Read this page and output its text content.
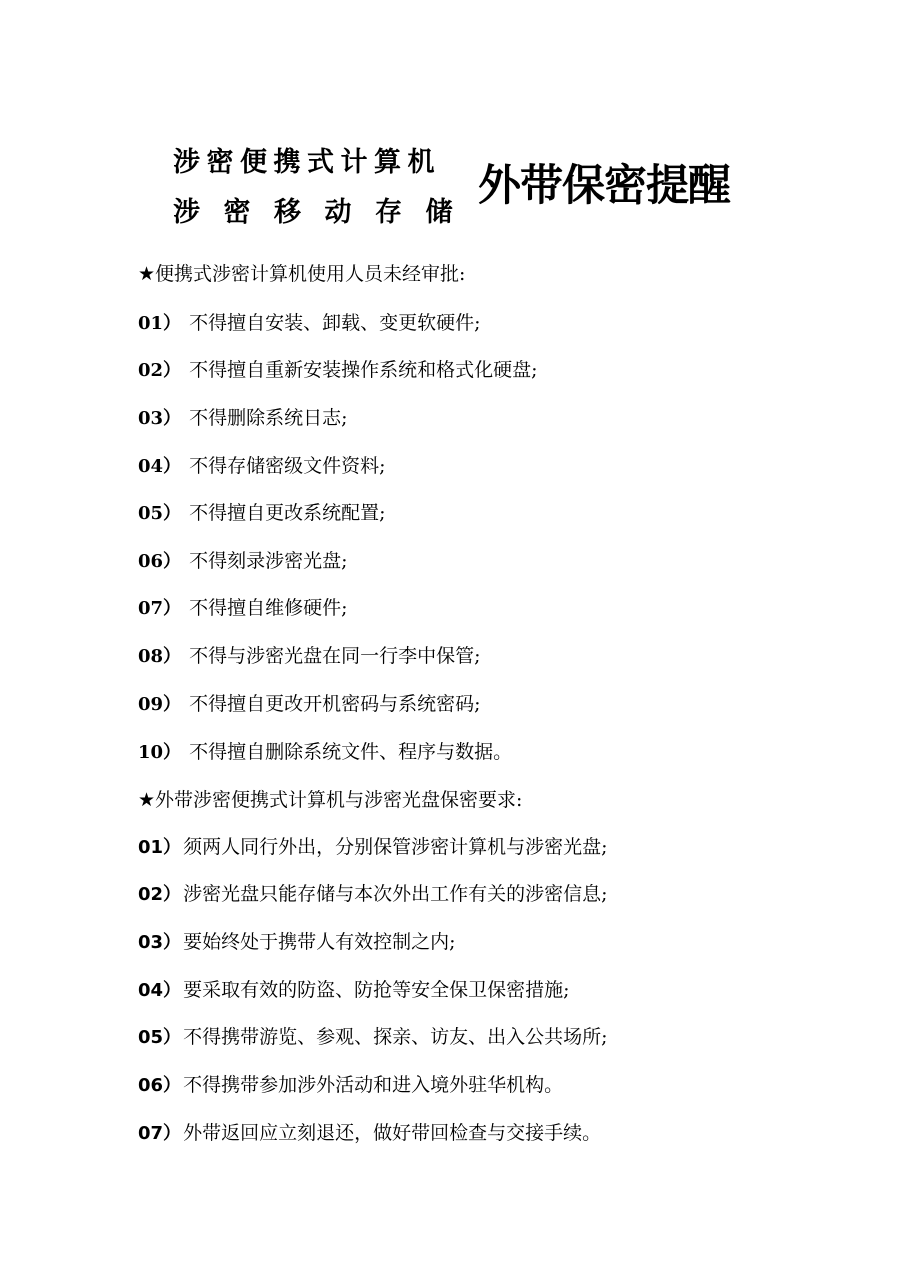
涉密便携式计算机
涉密移动存储
外带保密提醒
★便携式涉密计算机使用人员未经审批:
01） 不得擅自安装、卸载、变更软硬件;
02） 不得擅自重新安装操作系统和格式化硬盘;
03） 不得删除系统日志;
04） 不得存储密级文件资料;
05） 不得擅自更改系统配置;
06） 不得刻录涉密光盘;
07） 不得擅自维修硬件;
08） 不得与涉密光盘在同一行李中保管;
09） 不得擅自更改开机密码与系统密码;
10） 不得擅自删除系统文件、程序与数据。
★外带涉密便携式计算机与涉密光盘保密要求:
01） 须两人同行外出，分别保管涉密计算机与涉密光盘;
02） 涉密光盘只能存储与本次外出工作有关的涉密信息;
03） 要始终处于携带人有效控制之内;
04） 要采取有效的防盗、防抢等安全保卫保密措施;
05） 不得携带游览、参观、探亲、访友、出入公共场所;
06） 不得携带参加涉外活动和进入境外驻华机构。
07） 外带返回应立刻退还，做好带回检查与交接手续。
